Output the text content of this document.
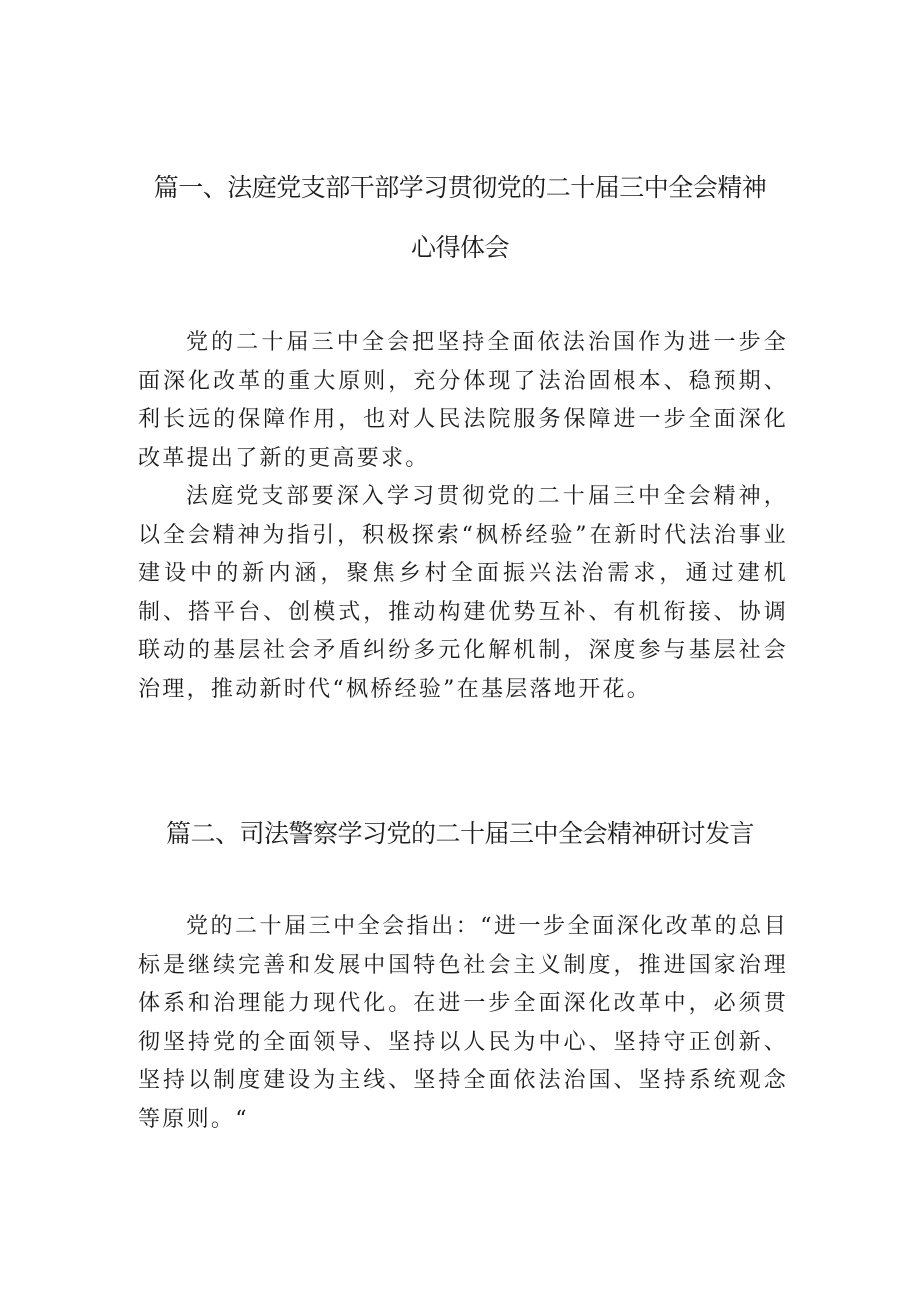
篇一、法庭党支部干部学习贯彻党的二十届三中全会精神
心得体会

党的二十届三中全会把坚持全面依法治国作为进一步全面深化改革的重大原则，充分体现了法治固根本、稳预期、利长远的保障作用，也对人民法院服务保障进一步全面深化改革提出了新的更高要求。

法庭党支部要深入学习贯彻党的二十届三中全会精神，以全会精神为指引，积极探索“枫桥经验”在新时代法治事业建设中的新内涵，聚焦乡村全面振兴法治需求，通过建机制、搭平台、创模式，推动构建优势互补、有机衔接、协调联动的基层社会矛盾纠纷多元化解机制，深度参与基层社会治理，推动新时代“枫桥经验”在基层落地开花。

篇二、司法警察学习党的二十届三中全会精神研讨发言

党的二十届三中全会指出：“进一步全面深化改革的总目标是继续完善和发展中国特色社会主义制度，推进国家治理体系和治理能力现代化。在进一步全面深化改革中，必须贯彻坚持党的全面领导、坚持以人民为中心、坚持守正创新、坚持以制度建设为主线、坚持全面依法治国、坚持系统观念等原则。“
